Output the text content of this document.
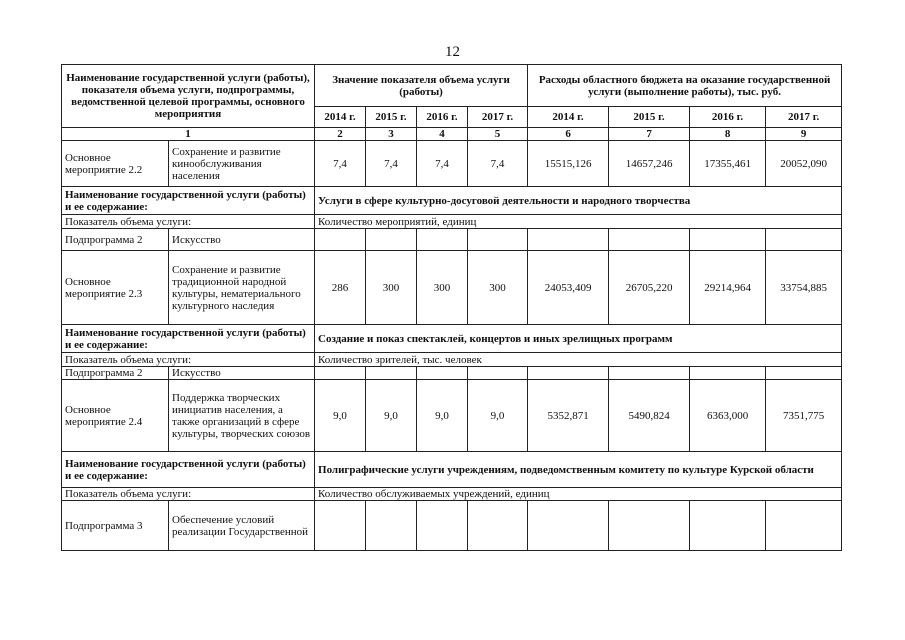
12
Наименование государственной услуги (работы), показателя объема услуги, подпрограммы, ведомственной целевой программы, основного мероприятия		Значение показателя объема услуги (работы)				Расходы областного бюджета на оказание государственной услуги (выполнение работы), тыс. руб.			
		2014 г.	2015 г.	2016 г.	2017 г.	2014 г.	2015 г.	2016 г.	2017 г.
1		2	3	4	5	6	7	8	9
Основное мероприятие 2.2	Сохранение и развитие кинообслуживания населения	7,4	7,4	7,4	7,4	15515,126	14657,246	17355,461	20052,090
Наименование государственной услуги (работы) и ее содержание:		Услуги в сфере культурно-досуговой деятельности и народного творчества							
Показатель объема услуги:		Количество мероприятий, единиц							
Подпрограмма 2	Искусство								
Основное мероприятие 2.3	Сохранение и развитие традиционной народной культуры, нематериального культурного наследия	286	300	300	300	24053,409	26705,220	29214,964	33754,885
Наименование государственной услуги (работы) и ее содержание:		Создание и показ спектаклей, концертов и иных зрелищных программ							
Показатель объема услуги:		Количество зрителей, тыс. человек							
Подпрограмма 2	Искусство								
Основное мероприятие 2.4	Поддержка творческих инициатив населения, а также организаций в сфере культуры, творческих союзов	9,0	9,0	9,0	9,0	5352,871	5490,824	6363,000	7351,775
Наименование государственной услуги (работы) и ее содержание:		Полиграфические услуги учреждениям, подведомственным комитету по культуре Курской области							
Показатель объема услуги:		Количество обслуживаемых учреждений, единиц							
Подпрограмма 3	Обеспечение условий реализации Государственной								
